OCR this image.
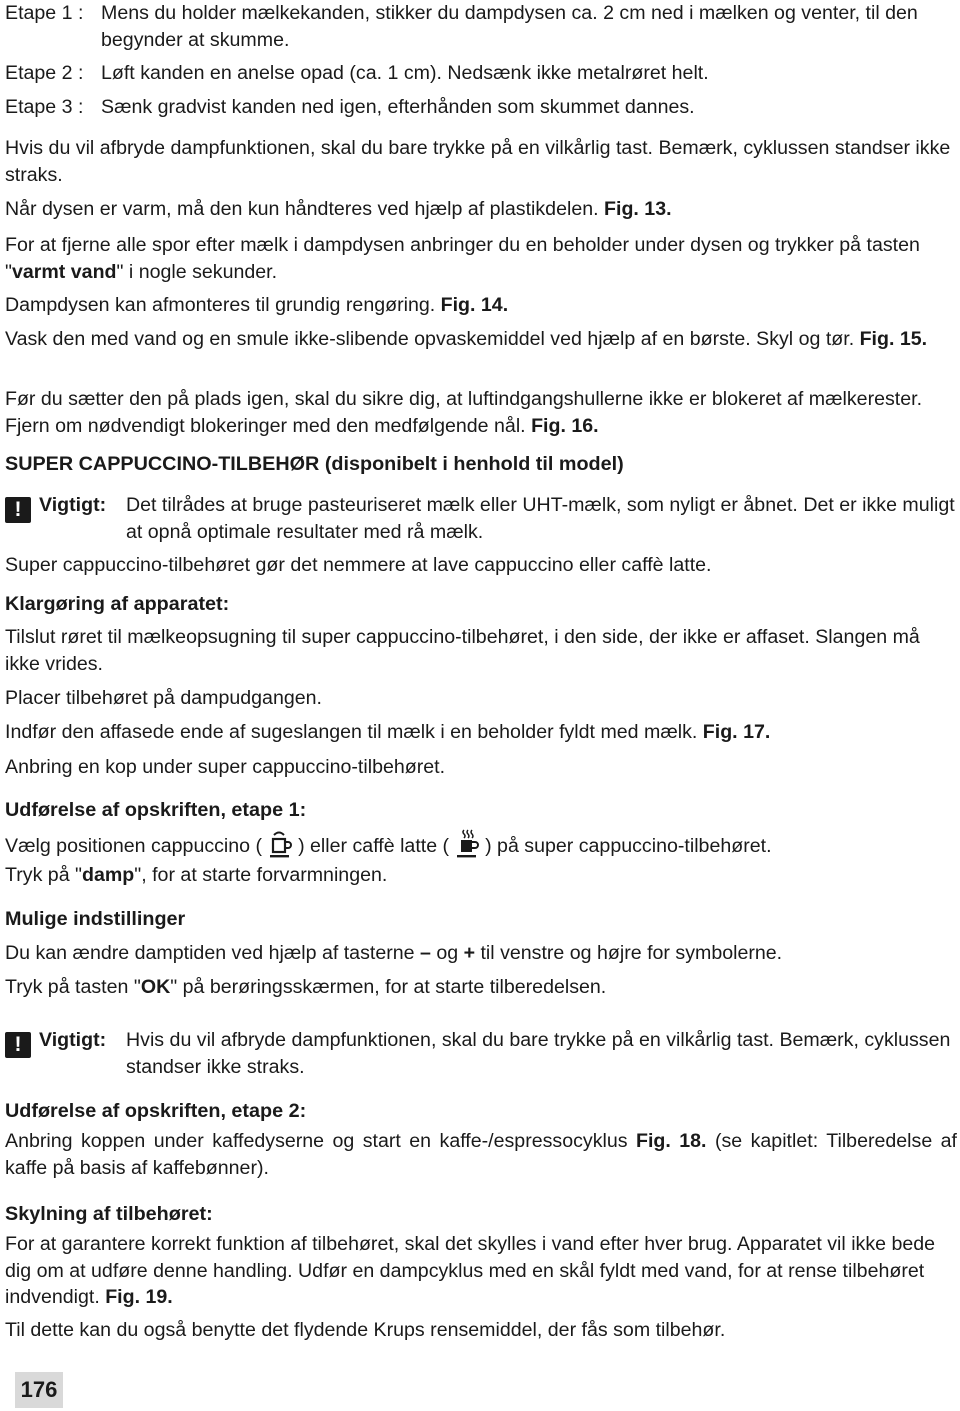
Etape 1 : Mens du holder mælkekanden, stikker du dampdysen ca. 2 cm ned i mælken og venter, til den begynder at skumme.
Etape 2 : Løft kanden en anelse opad (ca. 1 cm). Nedsænk ikke metalrøret helt.
Etape 3 : Sænk gradvist kanden ned igen, efterhånden som skummet dannes.

Hvis du vil afbryde dampfunktionen, skal du bare trykke på en vilkårlig tast. Bemærk, cyklussen standser ikke straks.

Når dysen er varm, må den kun håndteres ved hjælp af plastikdelen. Fig. 13.

For at fjerne alle spor efter mælk i dampdysen anbringer du en beholder under dysen og trykker på tasten "varmt vand" i nogle sekunder.

Dampdysen kan afmonteres til grundig rengøring. Fig. 14.

Vask den med vand og en smule ikke-slibende opvaskemiddel ved hjælp af en børste. Skyl og tør. Fig. 15.

Før du sætter den på plads igen, skal du sikre dig, at luftindgangshullerne ikke er blokeret af mælkerester. Fjern om nødvendigt blokeringer med den medfølgende nål. Fig. 16.

SUPER CAPPUCCINO-TILBEHØR (disponibelt i henhold til model)

! Vigtigt:	Det tilrådes at bruge pasteuriseret mælk eller UHT-mælk, som nyligt er åbnet. Det er ikke muligt at opnå optimale resultater med rå mælk.

Super cappuccino-tilbehøret gør det nemmere at lave cappuccino eller caffè latte.

Klargøring af apparatet:

Tilslut røret til mælkeopsugning til super cappuccino-tilbehøret, i den side, der ikke er affaset. Slangen må ikke vrides.

Placer tilbehøret på dampudgangen.

Indfør den affasede ende af sugeslangen til mælk i en beholder fyldt med mælk. Fig. 17.

Anbring en kop under super cappuccino-tilbehøret.

Udførelse af opskriften, etape 1:

Vælg positionen cappuccino ( ) eller caffè latte ( ) på super cappuccino-tilbehøret.

Tryk på "damp", for at starte forvarmningen.

Mulige indstillinger

Du kan ændre damptiden ved hjælp af tasterne – og + til venstre og højre for symbolerne.

Tryk på tasten "OK" på berøringsskærmen, for at starte tilberedelsen.

! Vigtigt:	Hvis du vil afbryde dampfunktionen, skal du bare trykke på en vilkårlig tast. Bemærk, cyklussen standser ikke straks.

Udførelse af opskriften, etape 2:

Anbring koppen under kaffedyserne og start en kaffe-/espressocyklus Fig. 18. (se kapitlet: Tilberedelse af kaffe på basis af kaffebønner).

Skylning af tilbehøret:

For at garantere korrekt funktion af tilbehøret, skal det skylles i vand efter hver brug. Apparatet vil ikke bede dig om at udføre denne handling. Udfør en dampcyklus med en skål fyldt med vand, for at rense tilbehøret indvendigt. Fig. 19.

Til dette kan du også benytte det flydende Krups rensemiddel, der fås som tilbehør.

176
